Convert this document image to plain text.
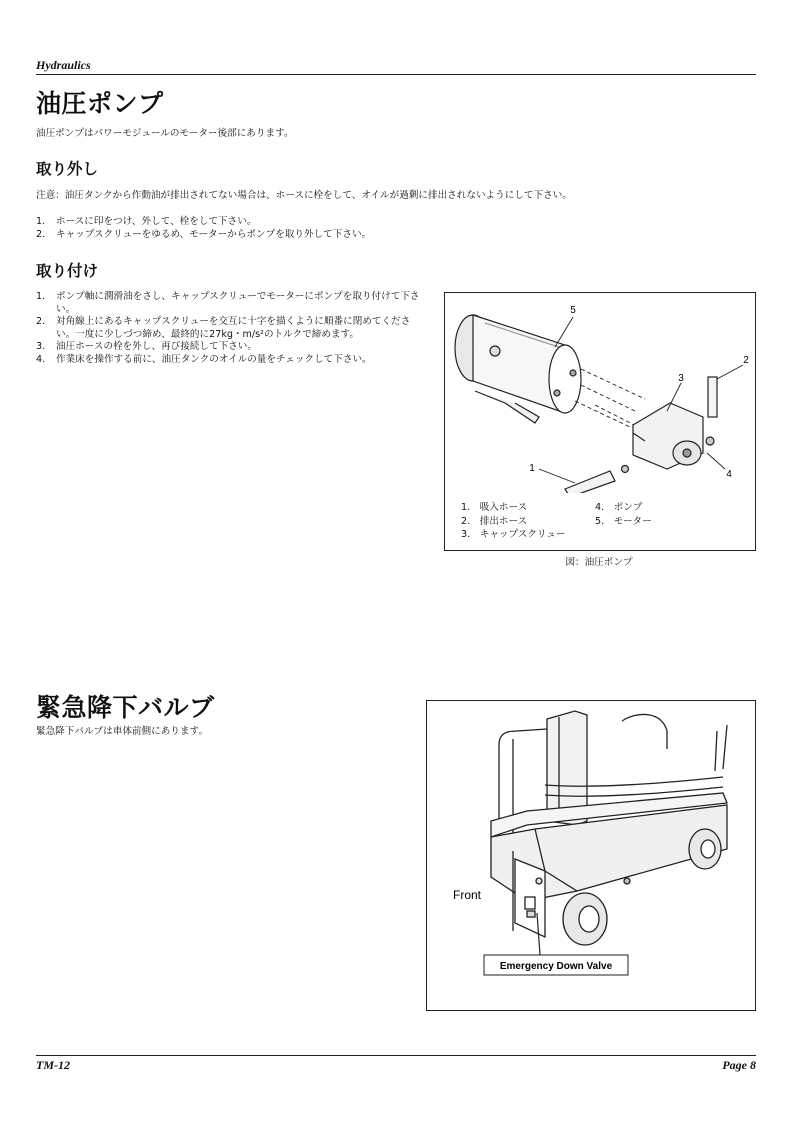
Hydraulics
油圧ポンプ
油圧ポンプはパワーモジュールのモーター後部にあります。
取り外し
注意：油圧タンクから作動油が排出されてない場合は、ホースに栓をして、オイルが過剰に排出されないようにして下さい。
1.	ホースに印をつけ、外して、栓をして下さい。
2.	キャップスクリューをゆるめ、モーターからポンプを取り外して下さい。
取り付け
1.	ポンプ軸に潤滑油をさし、キャップスクリューでモーターにポンプを取り付けて下さい。
2.	対角線上にあるキャップスクリューを交互に十字を描くように順番に閉めてください。一度に少しづつ締め、最終的に27kg・m/s²のトルクで締めます。
3.	油圧ホースの栓を外し、再び接続して下さい。
4.	作業床を操作する前に、油圧タンクのオイルの量をチェックして下さい。
5
2
3
4
1
1.　吸入ホース
2.　排出ホース
3.　キャップスクリュー
4.　ポンプ
5.　モーター
図：油圧ポンプ
緊急降下バルブ
緊急降下バルブは車体前側にあります。
Front
Emergency Down Valve
TM-12	Page 8
